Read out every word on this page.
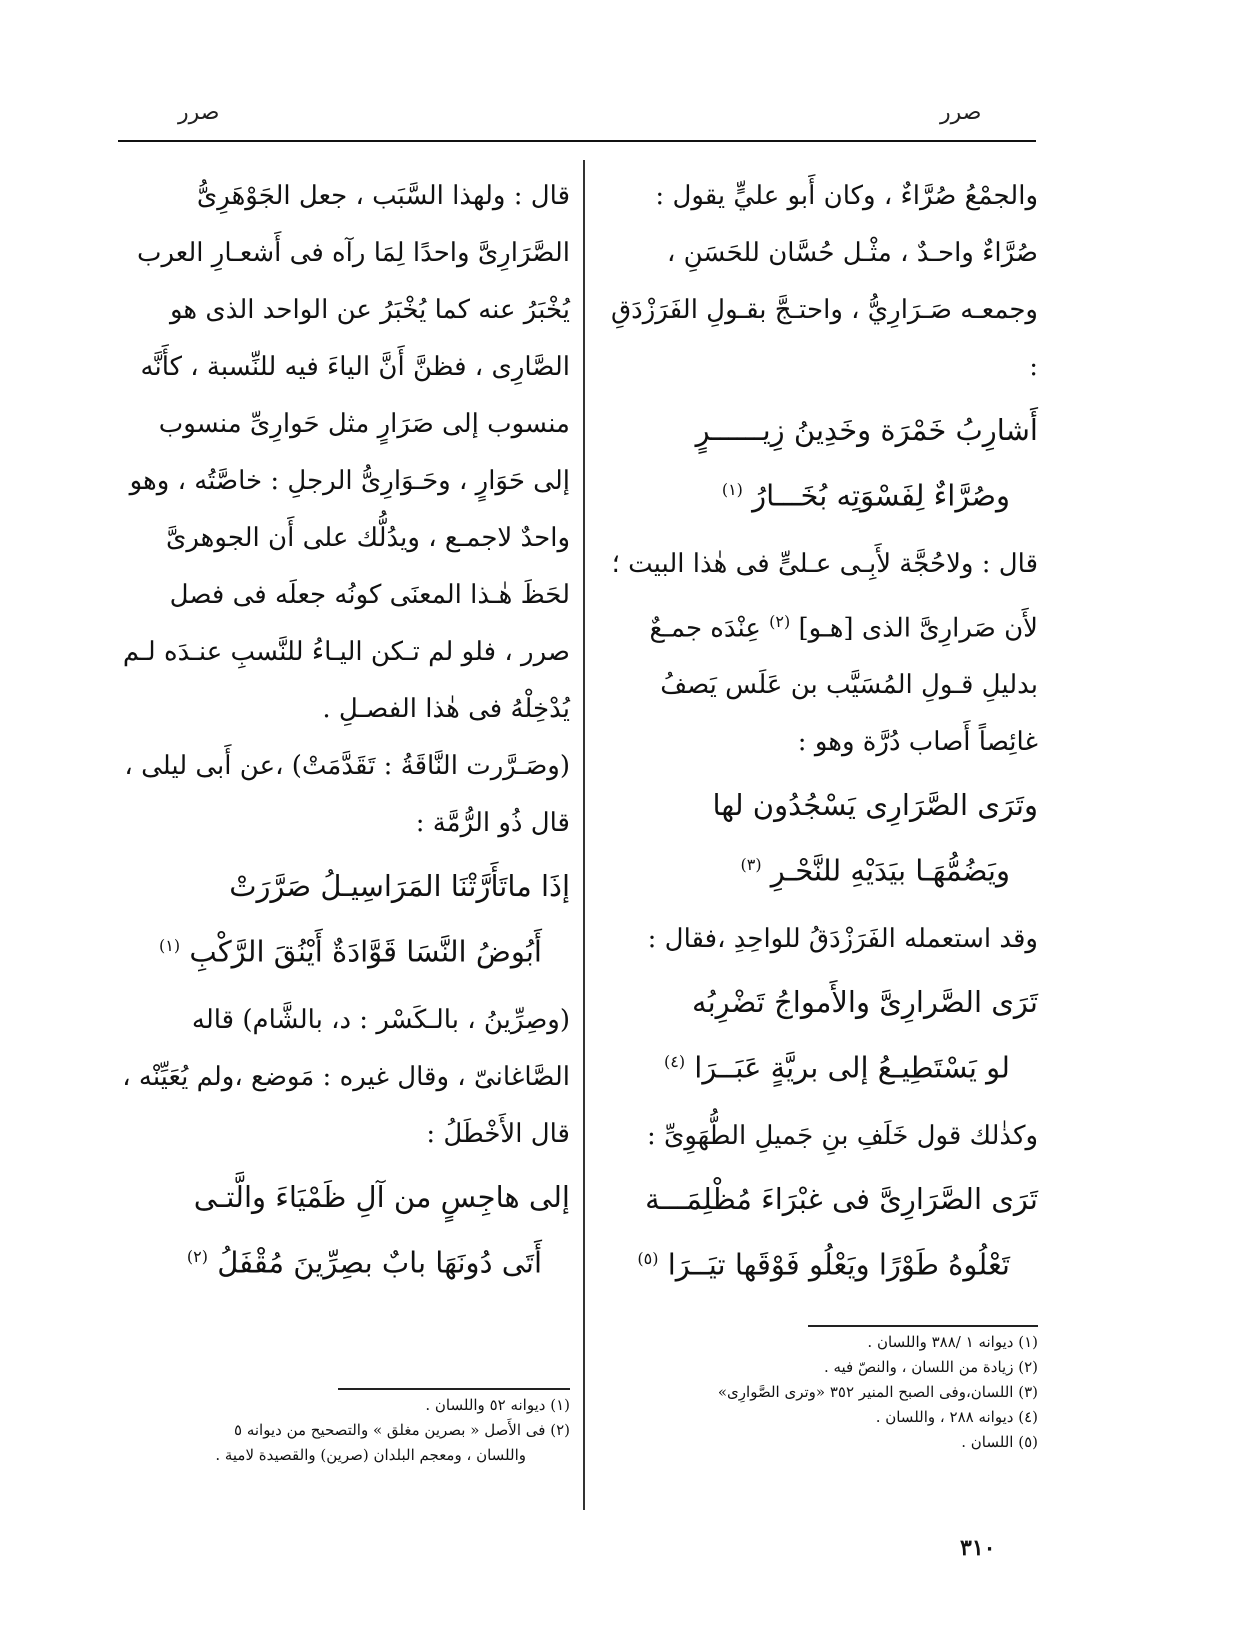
صرر
صرر

والجمْعُ صُرَّاءٌ ، وكان أَبو عليٍّ يقول : صُرَّاءٌ واحـدٌ ، مثْـل حُسَّان للحَسَنِ ، وجمعـه صَـرَارِيُّ ، واحتـجَّ بقـولِ الفَرَزْدَقِ :

أَشارِبُ خَمْرَة وخَدِينُ زِيــــــرٍ
وصُرَّاءٌ لِفَسْوَتِه بُخَـــارُ $^{(١)}$

قال : ولاحُجَّة لأَبِـى عـلىٍّ فى هٰذا البيت ؛ لأَن صَرارِىَّ الذى [هـو] $^{(٢)}$ عِنْدَه جمـعٌ بدليلِ قـولِ المُسَيَّب بن عَلَس يَصفُ غائِصاً أَصاب دُرَّة وهو :

وتَرَى الصَّرَارِى يَسْجُدُون لها
ويَضُمُّهَـا بيَدَيْهِ للنَّحْـرِ $^{(٣)}$

وقد استعمله الفَرَزْدَقُ للواحِدِ ،فقال :

تَرَى الصَّرارِىَّ والأَمواجُ تَضْرِبُه
لو يَسْتَطِيـعُ إلى بريَّةٍ عَبَــرَا $^{(٤)}$

وكذٰلك قول خَلَفِ بنِ جَميلِ الطُّهَوِىِّ :

تَرَى الصَّرَارِىَّ فى غبْرَاءَ مُظْلِمَـــة
تَعْلُوهُ طَوْرًا ويَعْلُو فَوْقَها تيَــرَا $^{(٥)}$
(١) ديوانه ١ /٣٨٨ واللسان .
(٢) زيادة من اللسان ، والنصّ فيه .
(٣) اللسان،وفى الصبح المنير ٣٥٢ «وترى الصَّوارِى»
(٤) ديوانه ٢٨٨ ، واللسان .
(٥) اللسان .

قال : ولهذا السَّبَب ، جعل الجَوْهَرِىُّ الصَّرَارِىَّ واحدًا لِمَا رآه فى أَشعـارِ العرب يُخْبَرُ عنه كما يُخْبَرُ عن الواحد الذى هو الصَّارِى ، فظنَّ أَنَّ الياءَ فيه للنِّسبة ، كأَنَّه منسوب إلى صَرَارٍ مثل حَوارِىِّ منسوب إلى حَوَارٍ ، وحَـوَارِىُّ الرجلِ : خاصَّتُه ، وهو واحدٌ لاجمـع ، ويدُلُّك على أَن الجوهرىَّ لحَظَ هٰـذا المعنَى كونُه جعلَه فى فصل صرر ، فلو لم تـكن اليـاءُ للنَّسبِ عنـدَه لـم يُدْخِلْهُ فى هٰذا الفصـلِ .

(وصَـرَّرت النَّاقَةُ : تَقَدَّمَتْ) ،عن أَبى ليلى ، قال ذُو الرُّمَّة :

إذَا ماتَأَرَّتْنَا المَرَاسِيـلُ صَرَّرَتْ
أَبُوضُ النَّسَا قَوَّادَةٌ أَيْنُقَ الرَّكْبِ $^{(١)}$

(وصِرِّينُ ، بالـكَسْر : د، بالشَّام) قاله الصَّاغانىّ ، وقال غيره : مَوضع ،ولم يُعَيِّنْه ، قال الأَخْطَلُ :

إلى هاجِسٍ من آلِ ظَمْيَاءَ والَّتـى
أَتَى دُونَهَا بابٌ بصِرِّينَ مُقْفَلُ $^{(٢)}$
(١) ديوانه ٥٢ واللسان .
(٢) فى الأَصل « بصرين مغلق » والتصحيح من ديوانه ٥
واللسان ، ومعجم البلدان (صرين) والقصيدة لامية .
٣١٠
